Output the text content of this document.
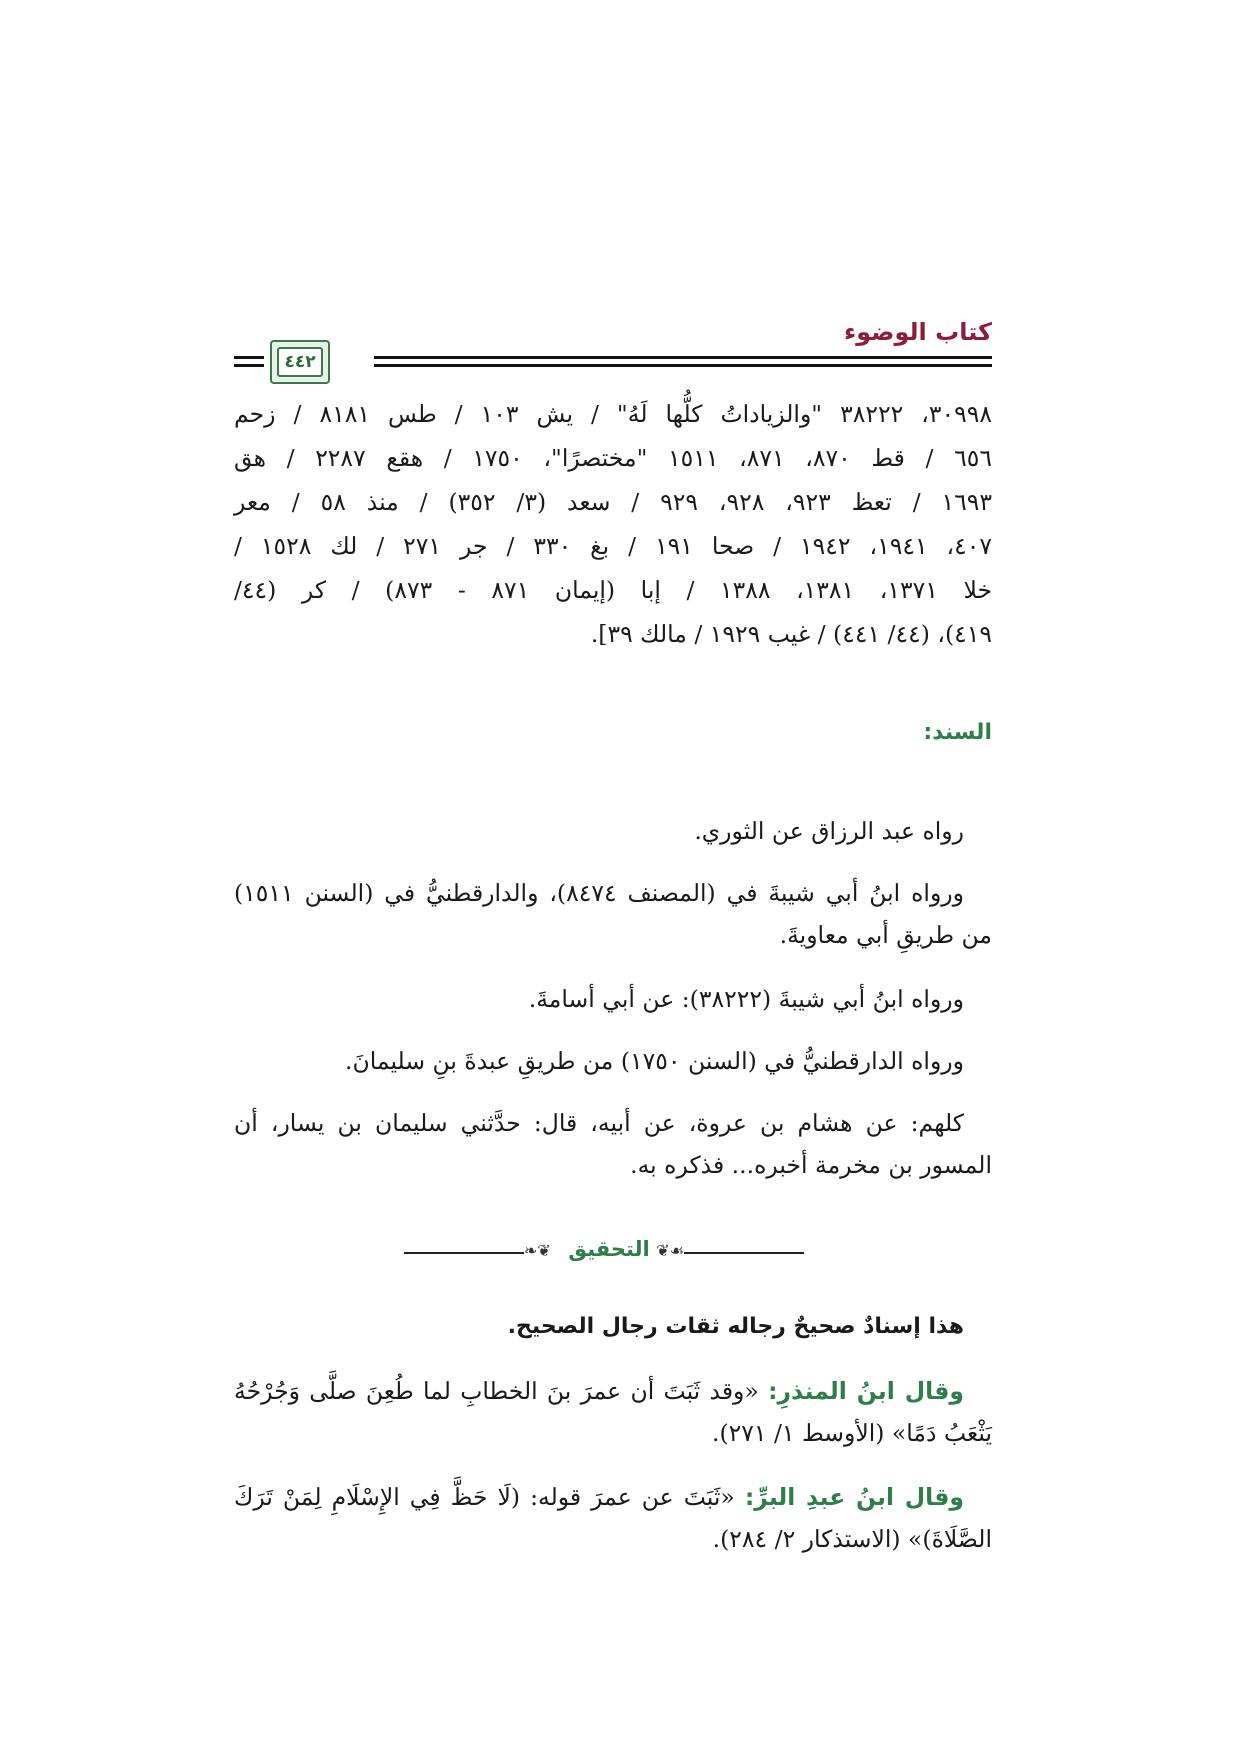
كتاب الوضوء
٤٤٢
٣٠٩٩٨، ٣٨٢٢٢ "والزياداتُ كلُّها لَهُ" / يش ١٠٣ / طس ٨١٨١ / زحم
٦٥٦ / قط ٨٧٠، ٨٧١، ١٥١١ "مختصرًا"، ١٧٥٠ / هقع ٢٢٨٧ / هق
١٦٩٣ / تعظ ٩٢٣، ٩٢٨، ٩٢٩ / سعد (٣/ ٣٥٢) / منذ ٥٨ / معر
٤٠٧، ١٩٤١، ١٩٤٢ / صحا ١٩١ / بغ ٣٣٠ / جر ٢٧١ / لك ١٥٢٨ /
خلا ١٣٧١، ١٣٨١، ١٣٨٨ / إبا (إيمان ٨٧١ - ٨٧٣) / كر (٤٤/
٤١٩)، (٤٤/ ٤٤١) / غيب ١٩٢٩ / مالك ٣٩].
السند:

رواه عبد الرزاق عن الثوري.

ورواه ابنُ أبي شيبةَ في (المصنف ٨٤٧٤)، والدارقطنيُّ في (السنن ١٥١١) من طريقِ أبي معاويةَ.

ورواه ابنُ أبي شيبةَ (٣٨٢٢٢): عن أبي أسامةَ.

ورواه الدارقطنيُّ في (السنن ١٧٥٠) من طريقِ عبدةَ بنِ سليمانَ.

كلهم: عن هشام بن عروة، عن أبيه، قال: حدَّثني سليمان بن يسار، أن المسور بن مخرمة أخبره... فذكره به.

❦❧ التحقيق ☙❦

هذا إسنادٌ صحيحٌ رجاله ثقات رجال الصحيح.

وقال ابنُ المنذرِ: «وقد ثَبَتَ أن عمرَ بنَ الخطابِ لما طُعِنَ صلَّى وَجُرْحُهُ يَثْعَبُ دَمًا» (الأوسط ١/ ٢٧١).

وقال ابنُ عبدِ البرِّ: «ثَبَتَ عن عمرَ قوله: (لَا حَظَّ فِي الإِسْلَامِ لِمَنْ تَرَكَ الصَّلَاةَ)» (الاستذكار ٢/ ٢٨٤).
